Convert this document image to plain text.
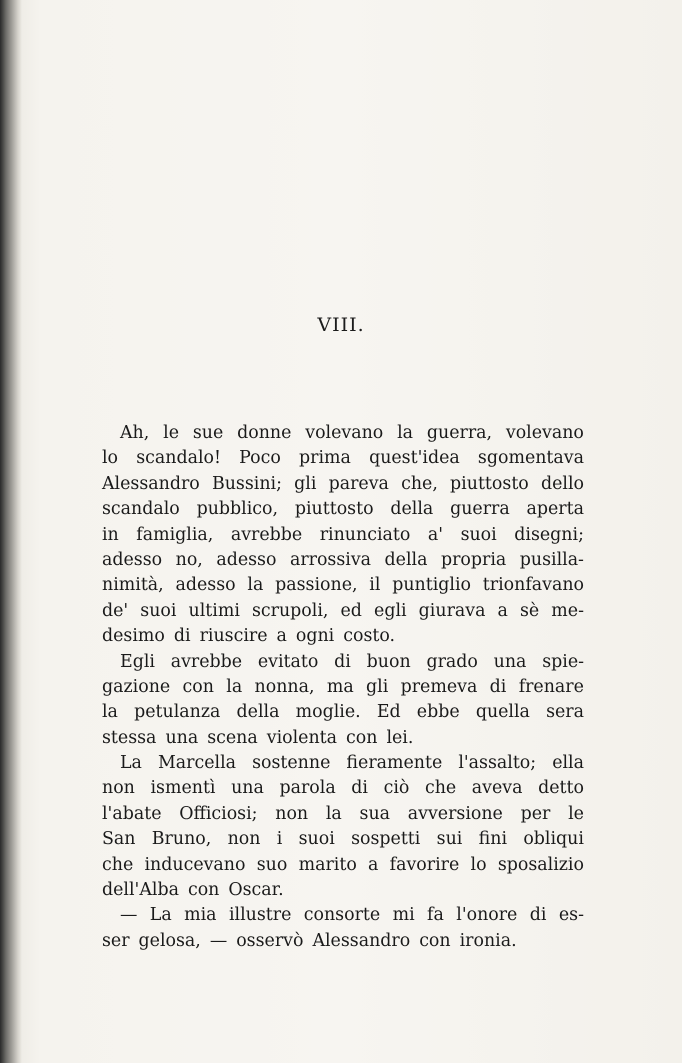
VIII.
Ah, le sue donne volevano la guerra, volevano
lo scandalo! Poco prima quest'idea sgomentava
Alessandro Bussini; gli pareva che, piuttosto dello
scandalo pubblico, piuttosto della guerra aperta
in famiglia, avrebbe rinunciato a' suoi disegni;
adesso no, adesso arrossiva della propria pusilla-
nimità, adesso la passione, il puntiglio trionfavano
de' suoi ultimi scrupoli, ed egli giurava a sè me-
desimo di riuscire a ogni costo.
Egli avrebbe evitato di buon grado una spie-
gazione con la nonna, ma gli premeva di frenare
la petulanza della moglie. Ed ebbe quella sera
stessa una scena violenta con lei.
La Marcella sostenne fieramente l'assalto; ella
non ismentì una parola di ciò che aveva detto
l'abate Officiosi; non la sua avversione per le
San Bruno, non i suoi sospetti sui fini obliqui
che inducevano suo marito a favorire lo sposalizio
dell'Alba con Oscar.
— La mia illustre consorte mi fa l'onore di es-
ser gelosa, — osservò Alessandro con ironia.
